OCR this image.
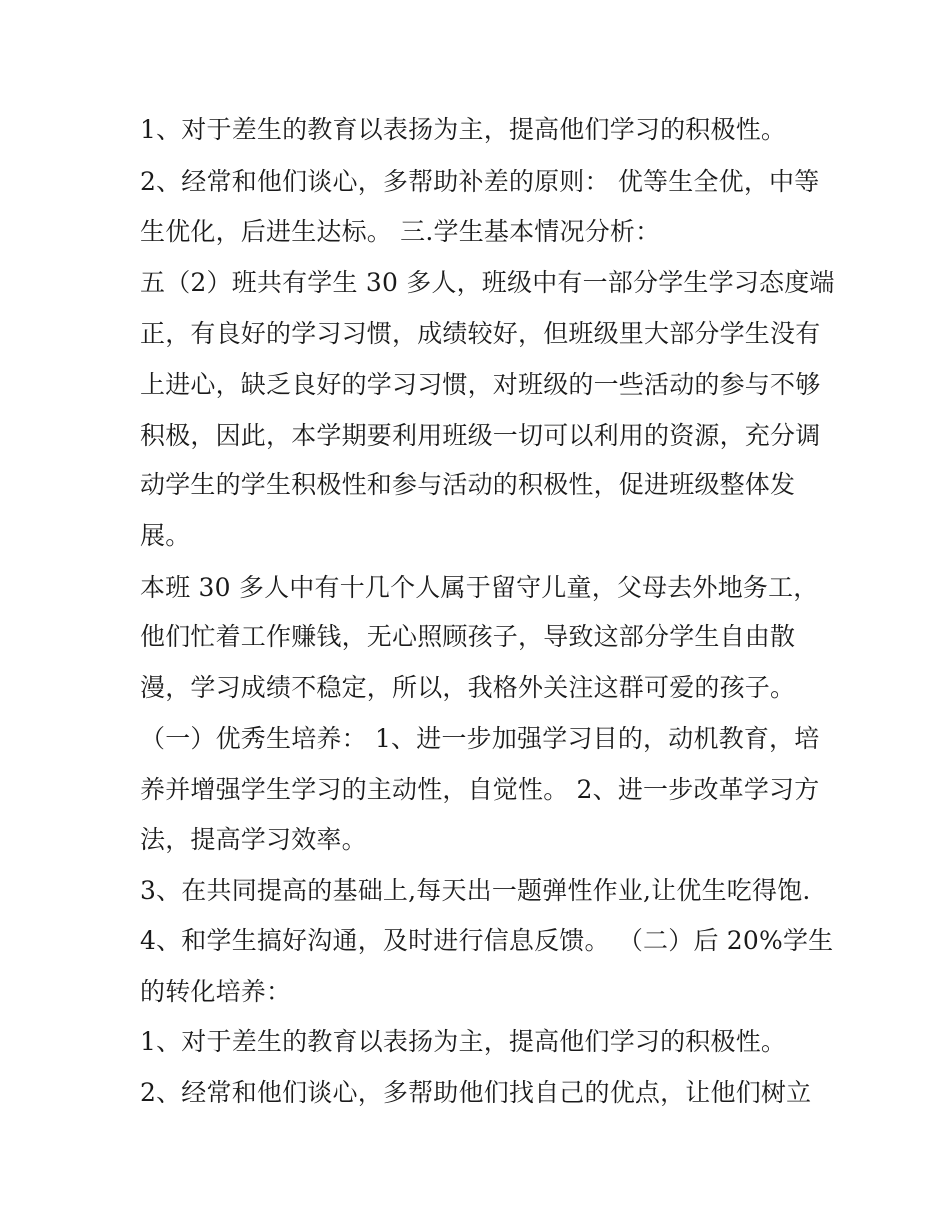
1、对于差生的教育以表扬为主，提高他们学习的积极性。
2、经常和他们谈心，多帮助补差的原则： 优等生全优，中等
生优化，后进生达标。 三.学生基本情况分析：
五（2）班共有学生 30 多人，班级中有一部分学生学习态度端
正，有良好的学习习惯，成绩较好，但班级里大部分学生没有
上进心，缺乏良好的学习习惯，对班级的一些活动的参与不够
积极，因此，本学期要利用班级一切可以利用的资源，充分调
动学生的学生积极性和参与活动的积极性，促进班级整体发
展。
本班 30 多人中有十几个人属于留守儿童，父母去外地务工，
他们忙着工作赚钱，无心照顾孩子，导致这部分学生自由散
漫，学习成绩不稳定，所以，我格外关注这群可爱的孩子。
（一）优秀生培养： 1、进一步加强学习目的，动机教育，培
养并增强学生学习的主动性，自觉性。 2、进一步改革学习方
法，提高学习效率。
3、在共同提高的基础上,每天出一题弹性作业,让优生吃得饱.
4、和学生搞好沟通，及时进行信息反馈。 （二）后 20%学生
的转化培养：
1、对于差生的教育以表扬为主，提高他们学习的积极性。
2、经常和他们谈心，多帮助他们找自己的优点，让他们树立
